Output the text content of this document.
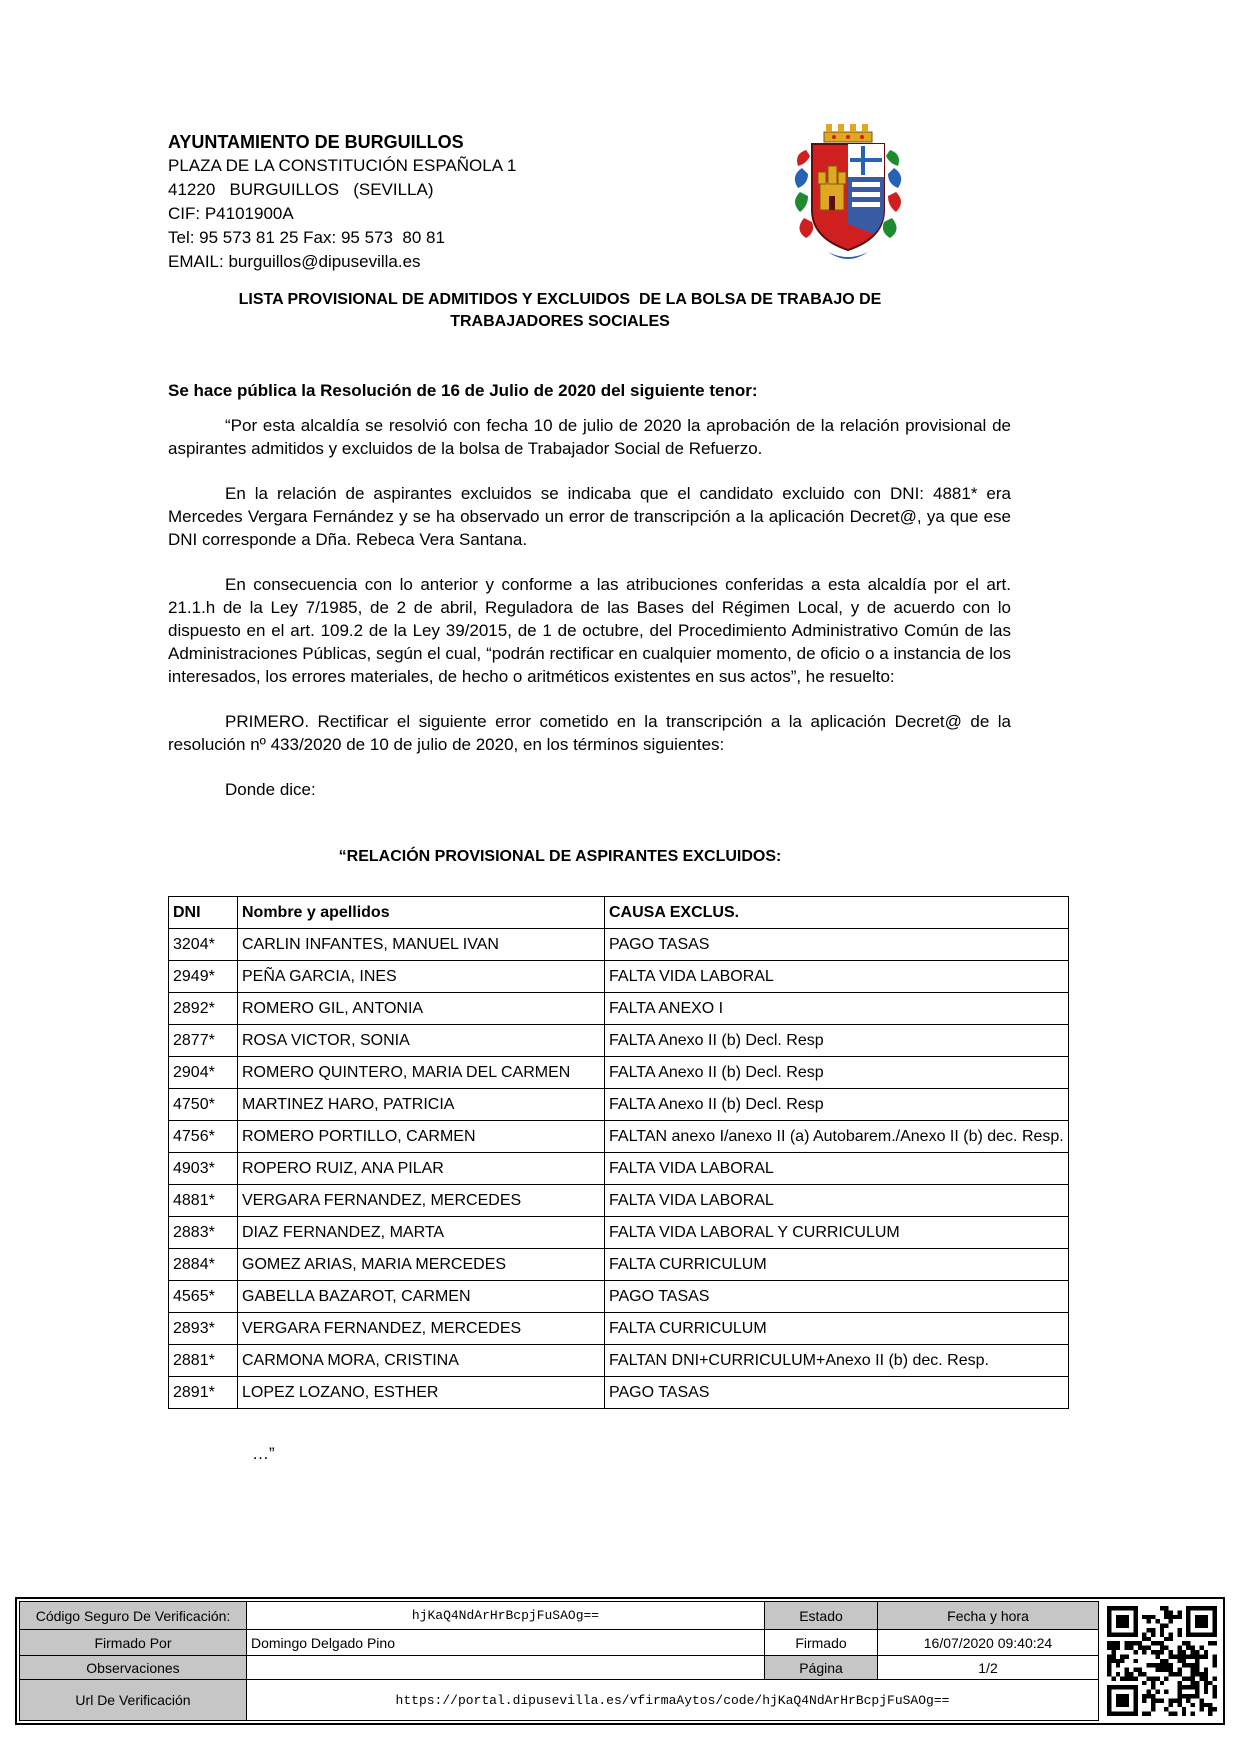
AYUNTAMIENTO DE BURGUILLOS
PLAZA DE LA CONSTITUCIÓN ESPAÑOLA 1
41220   BURGUILLOS   (SEVILLA)
CIF: P4101900A
Tel: 95 573 81 25 Fax: 95 573  80 81
EMAIL: burguillos@dipusevilla.es
LISTA PROVISIONAL DE ADMITIDOS Y EXCLUIDOS  DE LA BOLSA DE TRABAJO DE
TRABAJADORES SOCIALES
Se hace pública la Resolución de 16 de Julio de 2020 del siguiente tenor:

“Por esta alcaldía se resolvió con fecha 10 de julio de 2020 la aprobación de la relación provisional de aspirantes admitidos y excluidos de la bolsa de Trabajador Social de Refuerzo.

En la relación de aspirantes excluidos se indicaba que el candidato excluido con DNI: 4881* era Mercedes Vergara Fernández y se ha observado un error de transcripción a la aplicación Decret@, ya que ese DNI corresponde a Dña. Rebeca Vera Santana.

En consecuencia con lo anterior y conforme a las atribuciones conferidas a esta alcaldía por el art. 21.1.h de la Ley 7/1985, de 2 de abril, Reguladora de las Bases del Régimen Local, y de acuerdo con lo dispuesto en el art. 109.2 de la Ley 39/2015, de 1 de octubre, del Procedimiento Administrativo Común de las Administraciones Públicas, según el cual, “podrán rectificar en cualquier momento, de oficio o a instancia de los interesados, los errores materiales, de hecho o aritméticos existentes en sus actos”, he resuelto:

PRIMERO. Rectificar el siguiente error cometido en la transcripción a la aplicación Decret@ de la resolución nº 433/2020 de 10 de julio de 2020, en los términos siguientes:

Donde dice:

“RELACIÓN PROVISIONAL DE ASPIRANTES EXCLUIDOS:
DNI	Nombre y apellidos	CAUSA EXCLUS.
3204*	CARLIN INFANTES, MANUEL IVAN	PAGO TASAS
2949*	PEÑA GARCIA, INES	FALTA VIDA LABORAL
2892*	ROMERO GIL, ANTONIA	FALTA ANEXO I
2877*	ROSA VICTOR, SONIA	FALTA Anexo II (b) Decl. Resp
2904*	ROMERO QUINTERO, MARIA DEL CARMEN	FALTA Anexo II (b) Decl. Resp
4750*	MARTINEZ HARO, PATRICIA	FALTA Anexo II (b) Decl. Resp
4756*	ROMERO PORTILLO, CARMEN	FALTAN anexo I/anexo II (a) Autobarem./Anexo II (b) dec. Resp.
4903*	ROPERO RUIZ, ANA PILAR	FALTA VIDA LABORAL
4881*	VERGARA FERNANDEZ, MERCEDES	FALTA VIDA LABORAL
2883*	DIAZ FERNANDEZ, MARTA	FALTA VIDA LABORAL Y CURRICULUM
2884*	GOMEZ ARIAS, MARIA MERCEDES	FALTA CURRICULUM
4565*	GABELLA BAZAROT, CARMEN	PAGO TASAS
2893*	VERGARA FERNANDEZ, MERCEDES	FALTA CURRICULUM
2881*	CARMONA MORA, CRISTINA	FALTAN DNI+CURRICULUM+Anexo II (b) dec. Resp.
2891*	LOPEZ LOZANO, ESTHER	PAGO TASAS
…”
Código Seguro De Verificación:	hjKaQ4NdArHrBcpjFuSAOg==	Estado	Fecha y hora
Firmado Por	Domingo Delgado Pino	Firmado	16/07/2020 09:40:24
Observaciones		Página	1/2
Url De Verificación	https://portal.dipusevilla.es/vfirmaAytos/code/hjKaQ4NdArHrBcpjFuSAOg==		
